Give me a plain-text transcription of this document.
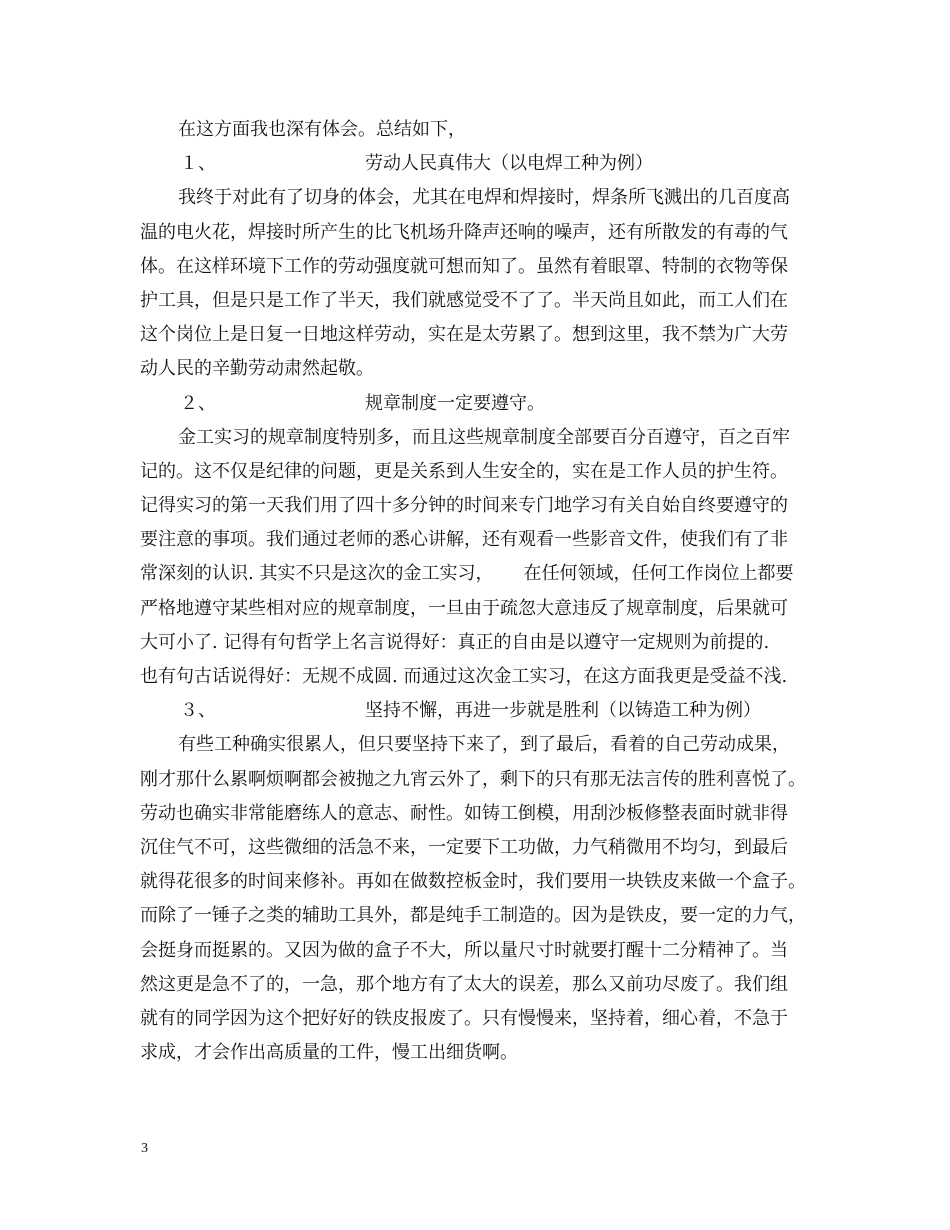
在这方面我也深有体会。总结如下，
１、	劳动人民真伟大（以电焊工种为例）
我终于对此有了切身的体会，尤其在电焊和焊接时，焊条所飞溅出的几百度高
温的电火花，焊接时所产生的比飞机场升降声还响的噪声，还有所散发的有毒的气
体。在这样环境下工作的劳动强度就可想而知了。虽然有着眼罩、特制的衣物等保
护工具，但是只是工作了半天，我们就感觉受不了了。半天尚且如此，而工人们在
这个岗位上是日复一日地这样劳动，实在是太劳累了。想到这里，我不禁为广大劳
动人民的辛勤劳动肃然起敬。
２、	规章制度一定要遵守。
金工实习的规章制度特别多，而且这些规章制度全部要百分百遵守，百之百牢
记的。这不仅是纪律的问题，更是关系到人生安全的，实在是工作人员的护生符。
记得实习的第一天我们用了四十多分钟的时间来专门地学习有关自始自终要遵守的
要注意的事项。我们通过老师的悉心讲解，还有观看一些影音文件，使我们有了非
常深刻的认识. 其实不只是这次的金工实习， 在任何领域，任何工作岗位上都要
严格地遵守某些相对应的规章制度，一旦由于疏忽大意违反了规章制度，后果就可
大可小了. 记得有句哲学上名言说得好：真正的自由是以遵守一定规则为前提的.
也有句古话说得好：无规不成圆. 而通过这次金工实习，在这方面我更是受益不浅.
３、	坚持不懈，再进一步就是胜利（以铸造工种为例）
有些工种确实很累人，但只要坚持下来了，到了最后，看着的自己劳动成果，
刚才那什么累啊烦啊都会被抛之九宵云外了，剩下的只有那无法言传的胜利喜悦了。
劳动也确实非常能磨练人的意志、耐性。如铸工倒模，用刮沙板修整表面时就非得
沉住气不可，这些微细的活急不来，一定要下工功做，力气稍微用不均匀，到最后
就得花很多的时间来修补。再如在做数控板金时，我们要用一块铁皮来做一个盒子。
而除了一锤子之类的辅助工具外，都是纯手工制造的。因为是铁皮，要一定的力气，
会挺身而挺累的。又因为做的盒子不大，所以量尺寸时就要打醒十二分精神了。当
然这更是急不了的，一急，那个地方有了太大的误差，那么又前功尽废了。我们组
就有的同学因为这个把好好的铁皮报废了。只有慢慢来，坚持着，细心着，不急于
求成，才会作出高质量的工件，慢工出细货啊。
3
